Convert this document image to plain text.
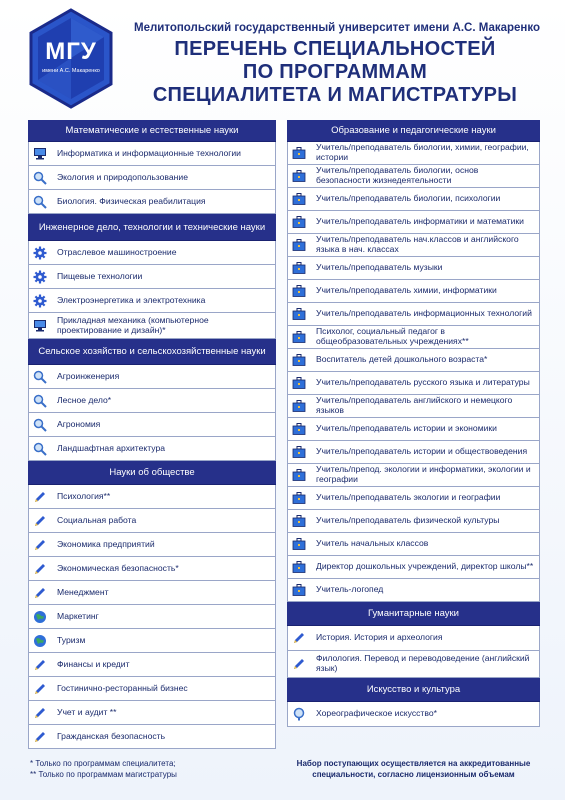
МГУ
имени А.С. Макаренко
Мелитопольский государственный университет имени А.С. Макаренко
ПЕРЕЧЕНЬ СПЕЦИАЛЬНОСТЕЙ
ПО ПРОГРАММАМ
СПЕЦИАЛИТЕТА И МАГИСТРАТУРЫ
Математические и естественные науки
Информатика и информационные технологии
Экология и природопользование
Биология. Физическая реабилитация
Инженерное дело, технологии и технические науки
Отраслевое машиностроение
Пищевые технологии
Электроэнергетика и электротехника
Прикладная механика (компьютерное проектирование и дизайн)*
Сельское хозяйство и сельскохозяйственные науки
Агроинженерия
Лесное дело*
Агрономия
Ландшафтная архитектура
Науки об обществе
Психология**
Социальная работа
Экономика предприятий
Экономическая безопасность*
Менеджмент
Маркетинг
Туризм
Финансы и кредит
Гостинично-ресторанный бизнес
Учет и аудит **
Гражданская безопасность
Образование и педагогические науки
Учитель/преподаватель биологии, химии, географии, истории
Учитель/преподаватель биологии, основ безопасности жизнедеятельности
Учитель/преподаватель биологии, психологии
Учитель/преподаватель информатики и математики
Учитель/преподаватель нач.классов и английского языка в нач. классах
Учитель/преподаватель музыки
Учитель/преподаватель химии, информатики
Учитель/преподаватель информационных технологий
Психолог, социальный педагог в общеобразовательных учреждениях**
Воспитатель детей дошкольного возраста*
Учитель/преподаватель русского языка и литературы
Учитель/преподаватель английского и немецкого языков
Учитель/преподаватель истории и экономики
Учитель/преподаватель истории и обществоведения
Учитель/препод. экологии и информатики, экологии и географии
Учитель/преподаватель экологии и географии
Учитель/преподаватель физической культуры
Учитель начальных классов
Директор дошкольных учреждений, директор школы**
Учитель-логопед
Гуманитарные науки
История. История и археология
Филология. Перевод и переводоведение (английский язык)
Искусство и культура
Хореографическое искусство*
* Только по программам специалитета;
** Только по программам магистратуры
Набор поступающих осуществляется на аккредитованные специальности, согласно лицензионным объемам
